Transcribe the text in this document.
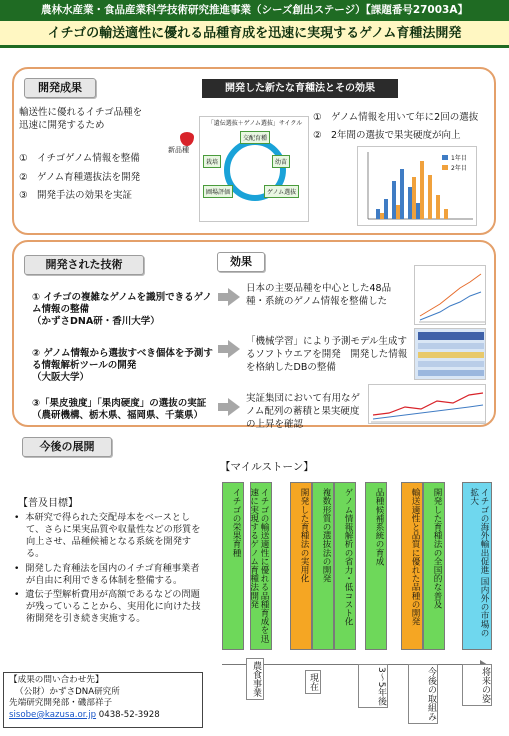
農林水産業・食品産業科学技術研究推進事業（シーズ創出ステージ）【課題番号27003A】
イチゴの輸送適性に優れる品種育成を迅速に実現するゲノム育種法開発
開発成果	開発した新たな育種法とその効果
輸送性に優れるイチゴ品種を
迅速に開発するため
①　イチゴゲノム情報を整備
②　ゲノム育種選抜法を開発
③　開発手法の効果を実証
新品種
「遺伝選抜＋ゲノム選抜」サイクル
交配育種
幼苗
ゲノム選抜
圃場評価
栽培
①　ゲノム情報を用いて年に2回の選抜
②　2年間の選抜で果実硬度が向上
1年目
2年目
開発された技術	効果
① イチゴの複雑なゲノムを識別できるゲノム情報の整備
（かずさDNA研・香川大学）
② ゲノム情報から選抜すべき個体を予測する情報解析ツールの開発
（大阪大学）
③「果皮強度」「果肉硬度」の選抜の実証
（農研機構、栃木県、福岡県、千葉県）
日本の主要品種を中心とした48品種・系統のゲノム情報を整備した
「機械学習」により予測モデル生成するソフトウエアを開発　開発した情報を格納したDBの整備
実証集団において有用なゲノム配列の蓄積と果実硬度の上昇を確認
今後の展開
【マイルストーン】
【普及目標】
•  本研究で得られた交配母本をベースとして、さらに果実品質や収量性などの形質を向上させ、品種候補となる系統を開発する。
•  開発した育種法を国内のイチゴ育種事業者が自由に利用できる体制を整備する。
•  遺伝子型解析費用が高額であるなどの問題が残っていることから、実用化に向けた技術開発を引き続き実施する。
イチゴの栄果育種	イチゴの輸送適性に優れる品種育成を迅速に実現するゲノム育種法開発	開発した育種法の実用化	複数形質の選抜法の開発	ゲノム情報解析の省力・低コスト化	品種候補系統の育成	輸送適性と品質に優れた品種の開発	開発した育種法の全国的な普及	イチゴの海外輸出促進 国内外の市場の拡大
農食事業	現在	3〜5年後	今後の取組み	将来の姿
【成果の問い合わせ先】
（公財）かずさDNA研究所
先端研究開発部・磯部祥子
sisobe@kazusa.or.jp 0438-52-3928
